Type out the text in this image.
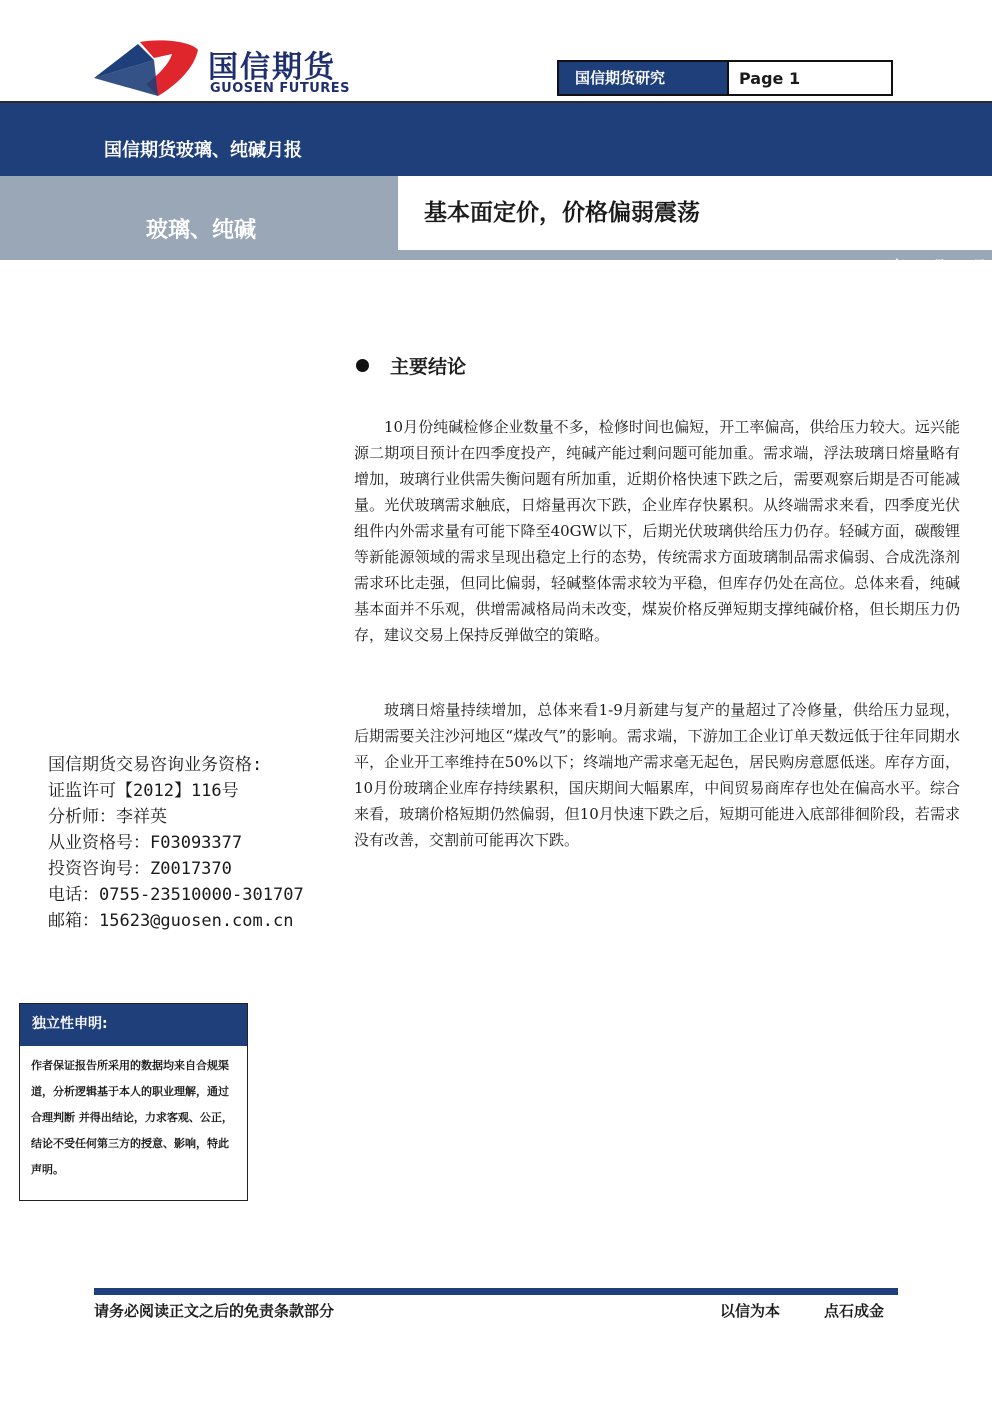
国信期货
GUOSEN FUTURES
国信期货研究	Page 1
国信期货玻璃、纯碱月报
玻璃、纯碱
基本面定价，价格偏弱震荡
2025 年 10 月 26 日
主要结论

10月份纯碱检修企业数量不多，检修时间也偏短，开工率偏高，供给压力较大。远兴能源二期项目预计在四季度投产，纯碱产能过剩问题可能加重。需求端，浮法玻璃日熔量略有增加，玻璃行业供需失衡问题有所加重，近期价格快速下跌之后，需要观察后期是否可能减量。光伏玻璃需求触底，日熔量再次下跌，企业库存快累积。从终端需求来看，四季度光伏组件内外需求量有可能下降至40GW以下，后期光伏玻璃供给压力仍存。轻碱方面，碳酸锂等新能源领域的需求呈现出稳定上行的态势，传统需求方面玻璃制品需求偏弱、合成洗涤剂需求环比走强，但同比偏弱，轻碱整体需求较为平稳，但库存仍处在高位。总体来看，纯碱基本面并不乐观，供增需减格局尚未改变，煤炭价格反弹短期支撑纯碱价格，但长期压力仍存，建议交易上保持反弹做空的策略。

玻璃日熔量持续增加，总体来看1-9月新建与复产的量超过了冷修量，供给压力显现，后期需要关注沙河地区“煤改气”的影响。需求端，下游加工企业订单天数远低于往年同期水平，企业开工率维持在50%以下；终端地产需求毫无起色，居民购房意愿低迷。库存方面，10月份玻璃企业库存持续累积，国庆期间大幅累库，中间贸易商库存也处在偏高水平。综合来看，玻璃价格短期仍然偏弱，但10月快速下跌之后，短期可能进入底部徘徊阶段，若需求没有改善，交割前可能再次下跌。

国信期货交易咨询业务资格:
证监许可【2012】116号
分析师：李祥英
从业资格号：F03093377
投资咨询号：Z0017370
电话：0755-23510000-301707
邮箱：15623@guosen.com.cn
独立性申明:
作者保证报告所采用的数据均来自合规渠道，分析逻辑基于本人的职业理解，通过合理判断 并得出结论，力求客观、公正，结论不受任何第三方的授意、影响，特此声明。
请务必阅读正文之后的免责条款部分	以信为本	点石成金
